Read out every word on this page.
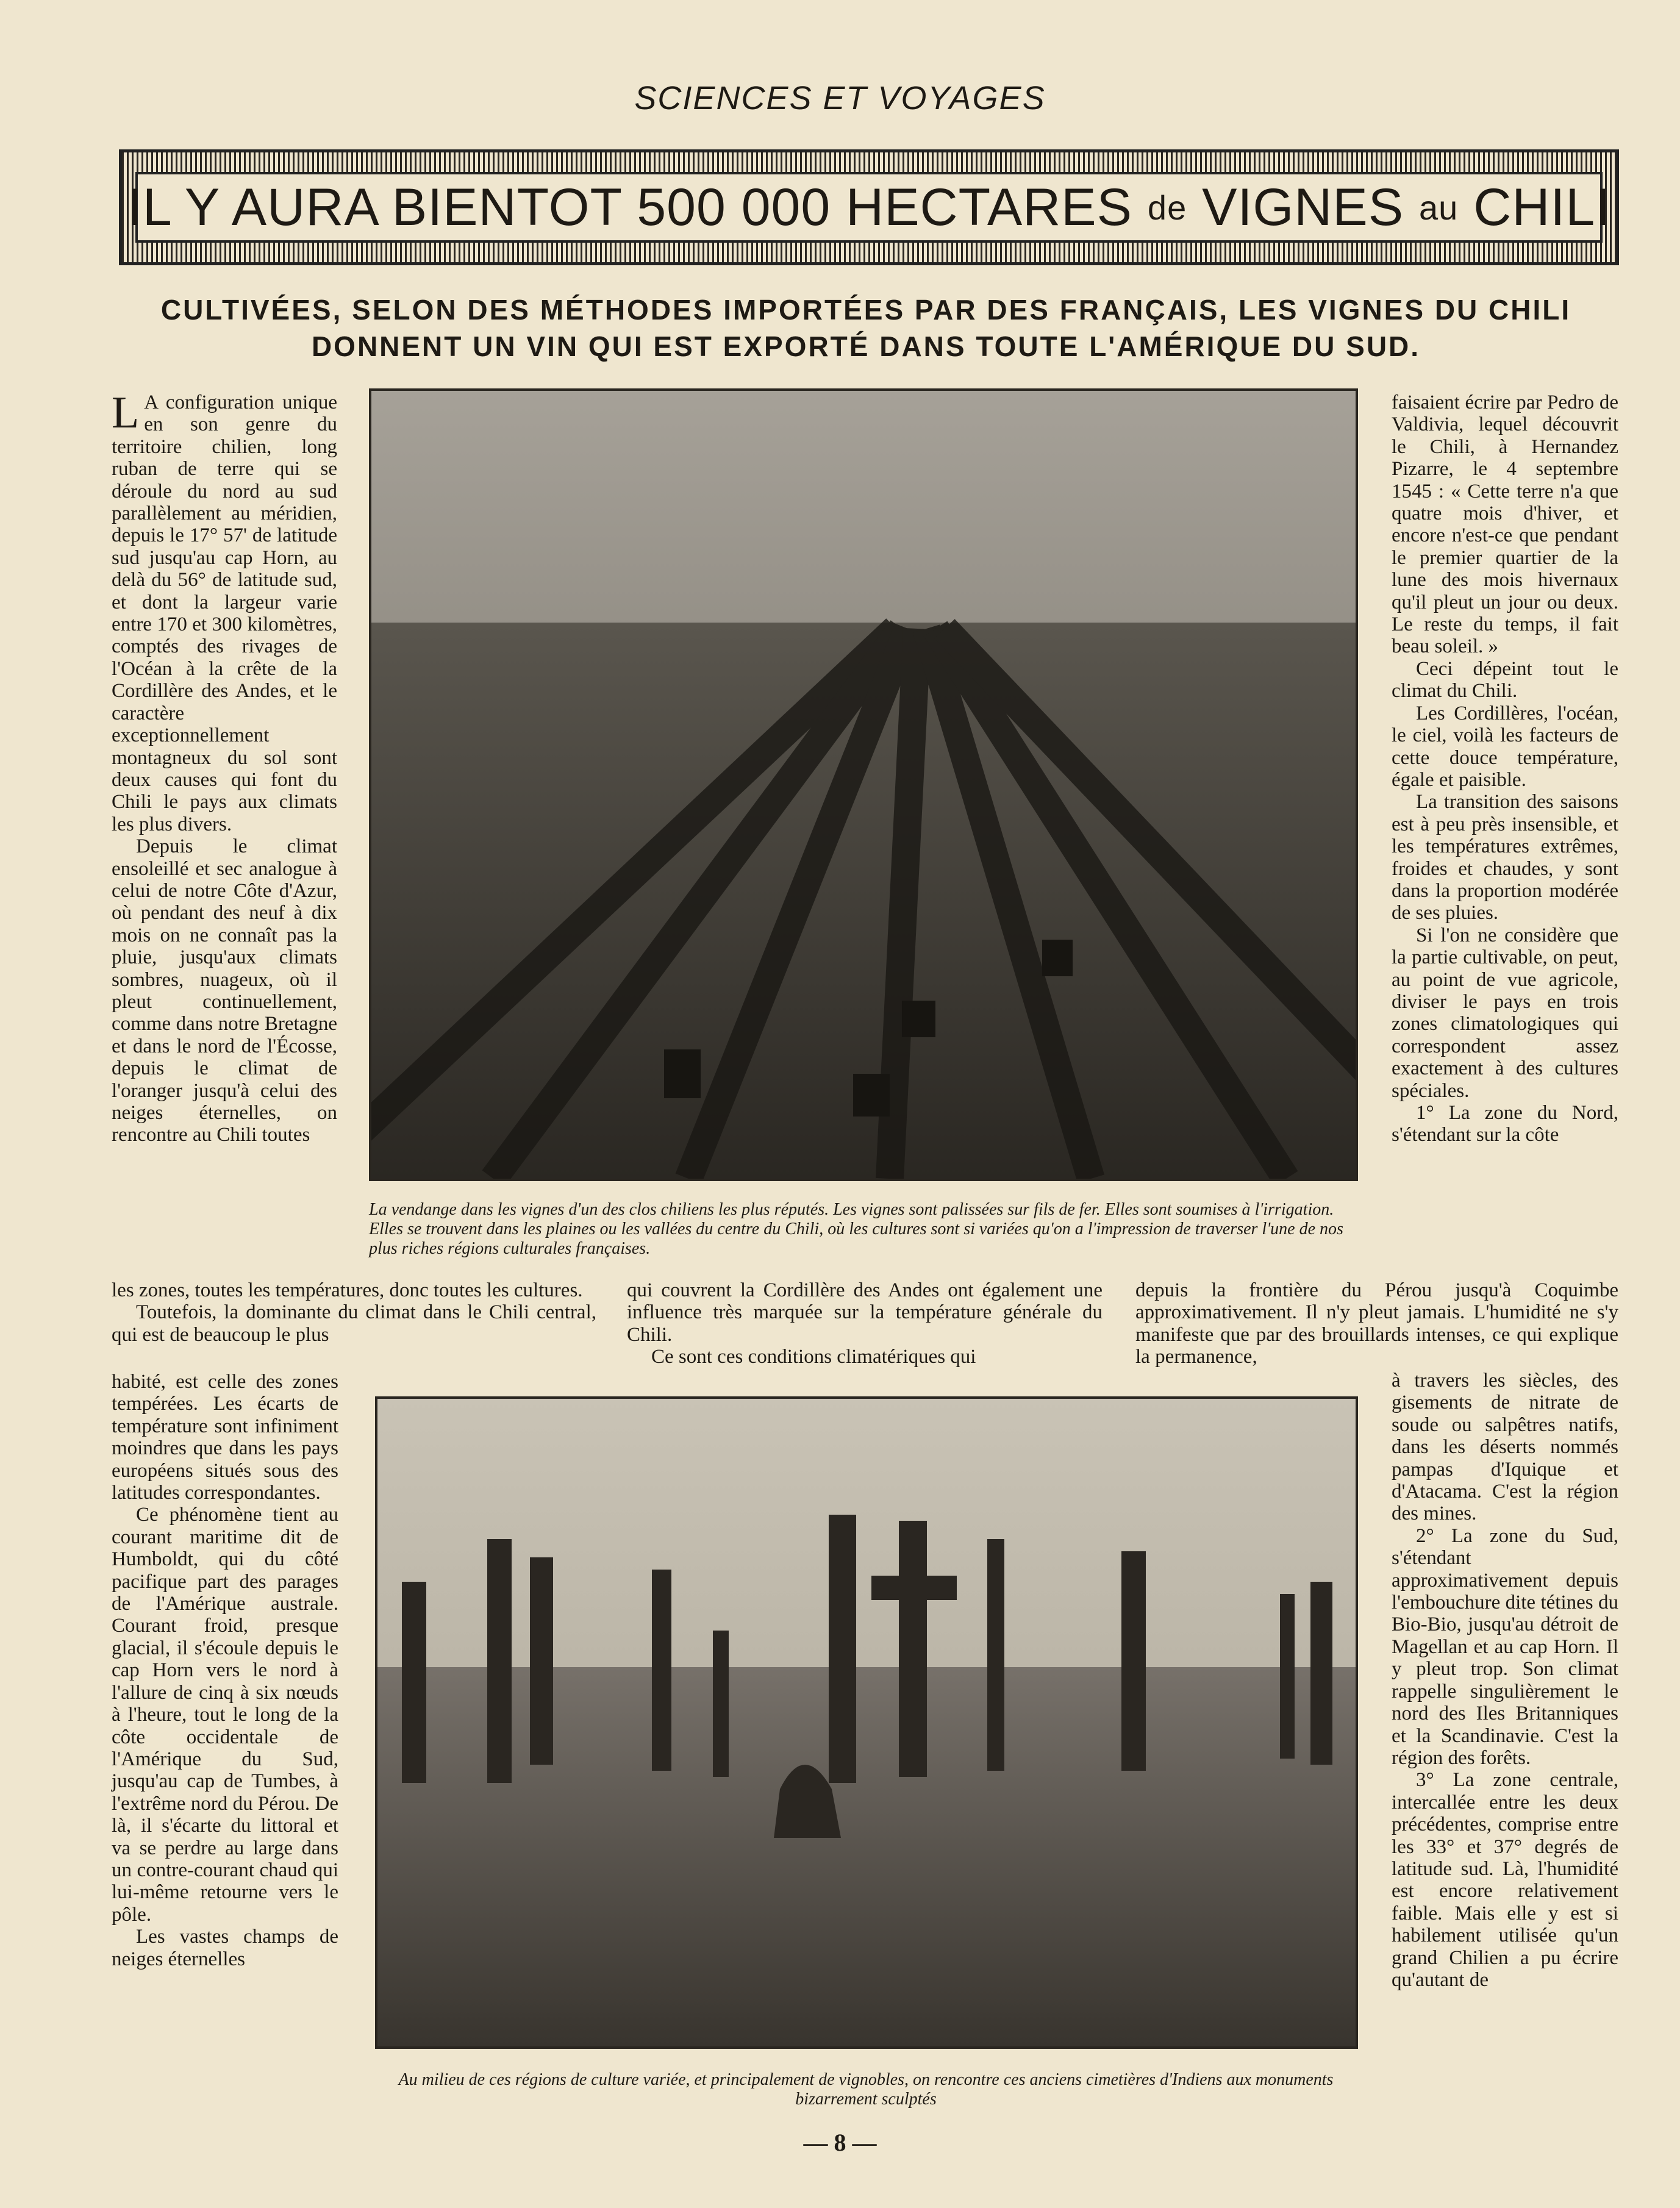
SCIENCES ET VOYAGES
IL Y AURA BIENTOT 500 000 HECTARES
de
VIGNES
au
CHILI
CULTIVÉES, SELON DES MÉTHODES IMPORTÉES PAR DES FRANÇAIS, LES VIGNES DU CHILI DONNENT UN VIN QUI EST EXPORTÉ DANS TOUTE L'AMÉRIQUE DU SUD.

L A configuration unique en son genre du territoire chilien, long ruban de terre qui se déroule du nord au sud parallèlement au méridien, depuis le 17° 57' de latitude sud jusqu'au cap Horn, au delà du 56° de latitude sud, et dont la largeur varie entre 170 et 300 kilomètres, comptés des rivages de l'Océan à la crête de la Cordillère des Andes, et le caractère exceptionnellement montagneux du sol sont deux causes qui font du Chili le pays aux climats les plus divers.

Depuis le climat ensoleillé et sec analogue à celui de notre Côte d'Azur, où pendant des neuf à dix mois on ne connaît pas la pluie, jusqu'aux climats sombres, nuageux, où il pleut continuellement, comme dans notre Bretagne et dans le nord de l'Écosse, depuis le climat de l'oranger jusqu'à celui des neiges éternelles, on rencontre au Chili toutes

La vendange dans les vignes d'un des clos chiliens les plus réputés. Les vignes sont palissées sur fils de fer. Elles sont soumises à l'irrigation. Elles se trouvent dans les plaines ou les vallées du centre du Chili, où les cultures sont si variées qu'on a l'impression de traverser l'une de nos plus riches régions culturales françaises.

faisaient écrire par Pedro de Valdivia, lequel découvrit le Chili, à Hernandez Pizarre, le 4 septembre 1545 : « Cette terre n'a que quatre mois d'hiver, et encore n'est-ce que pendant le premier quartier de la lune des mois hivernaux qu'il pleut un jour ou deux. Le reste du temps, il fait beau soleil. »

Ceci dépeint tout le climat du Chili.

Les Cordillères, l'océan, le ciel, voilà les facteurs de cette douce température, égale et paisible.

La transition des saisons est à peu près insensible, et les températures extrêmes, froides et chaudes, y sont dans la proportion modérée de ses pluies.

Si l'on ne considère que la partie cultivable, on peut, au point de vue agricole, diviser le pays en trois zones climatologiques qui correspondent assez exactement à des cultures spéciales.

1° La zone du Nord, s'étendant sur la côte

les zones, toutes les températures, donc toutes les cultures.

Toutefois, la dominante du climat dans le Chili central, qui est de beaucoup le plus

qui couvrent la Cordillère des Andes ont également une influence très marquée sur la température générale du Chili.

Ce sont ces conditions climatériques qui

depuis la frontière du Pérou jusqu'à Coquimbe approximativement. Il n'y pleut jamais. L'humidité ne s'y manifeste que par des brouillards intenses, ce qui explique la permanence,

habité, est celle des zones tempérées. Les écarts de température sont infiniment moindres que dans les pays européens situés sous des latitudes correspondantes.

Ce phénomène tient au courant maritime dit de Humboldt, qui du côté pacifique part des parages de l'Amérique australe. Courant froid, presque glacial, il s'écoule depuis le cap Horn vers le nord à l'allure de cinq à six nœuds à l'heure, tout le long de la côte occidentale de l'Amérique du Sud, jusqu'au cap de Tumbes, à l'extrême nord du Pérou. De là, il s'écarte du littoral et va se perdre au large dans un contre-courant chaud qui lui-même retourne vers le pôle.

Les vastes champs de neiges éternelles

Au milieu de ces régions de culture variée, et principalement de vignobles, on rencontre ces anciens cimetières d'Indiens aux monuments bizarrement sculptés

à travers les siècles, des gisements de nitrate de soude ou salpêtres natifs, dans les déserts nommés pampas d'Iquique et d'Atacama. C'est la région des mines.

2° La zone du Sud, s'étendant approximativement depuis l'embouchure dite tétines du Bio-Bio, jusqu'au détroit de Magellan et au cap Horn. Il y pleut trop. Son climat rappelle singulièrement le nord des Iles Britanniques et la Scandinavie. C'est la région des forêts.

3° La zone centrale, intercallée entre les deux précédentes, comprise entre les 33° et 37° degrés de latitude sud. Là, l'humidité est encore relativement faible. Mais elle y est si habilement utilisée qu'un grand Chilien a pu écrire qu'autant de

— 8 —
